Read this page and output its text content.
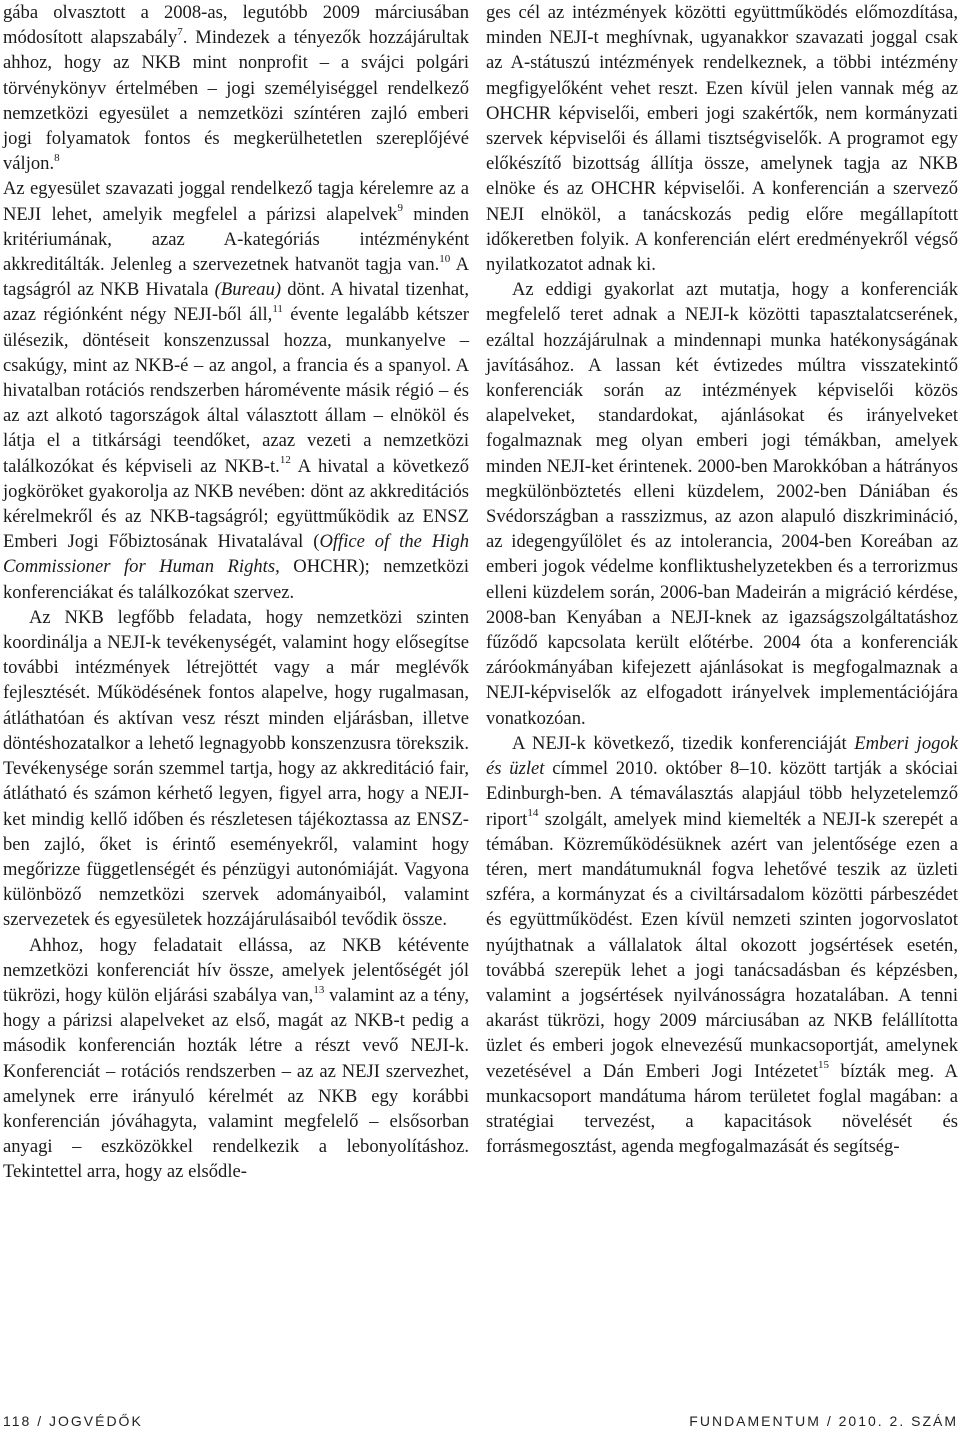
gába olvasztott a 2008-as, legutóbb 2009 márciusában módosított alapszabály$^7$. Mindezek a tényezők hozzájárultak ahhoz, hogy az NKB mint nonprofit – a svájci polgári törvénykönyv értelmében – jogi személyiséggel rendelkező nemzetközi egyesület a nemzetközi színtéren zajló emberi jogi folyamatok fontos és megkerülhetetlen szereplőjévé váljon.$^8$

Az egyesület szavazati joggal rendelkező tagja kérelemre az a NEJI lehet, amelyik megfelel a párizsi alapelvek$^9$ minden kritériumának, azaz A-kategóriás intézményként akkreditálták. Jelenleg a szervezetnek hatvanöt tagja van.$^{10}$ A tagságról az NKB Hivatala (Bureau) dönt. A hivatal tizenhat, azaz régiónként négy NEJI-ből áll,$^{11}$ évente legalább kétszer ülésezik, döntéseit konszenzussal hozza, munkanyelve – csakúgy, mint az NKB-é – az angol, a francia és a spanyol. A hivatalban rotációs rendszerben háromévente másik régió – és az azt alkotó tagországok által választott állam – elnököl és látja el a titkársági teendőket, azaz vezeti a nemzetközi találkozókat és képviseli az NKB-t.$^{12}$ A hivatal a következő jogköröket gyakorolja az NKB nevében: dönt az akkreditációs kérelmekről és az NKB-tagságról; együttműködik az ENSZ Emberi Jogi Főbiztosának Hivatalával (Office of the High Commissioner for Human Rights, OHCHR); nemzetközi konferenciákat és találkozókat szervez.

Az NKB legfőbb feladata, hogy nemzetközi szinten koordinálja a NEJI-k tevékenységét, valamint hogy elősegítse további intézmények létrejöttét vagy a már meglévők fejlesztését. Működésének fontos alapelve, hogy rugalmasan, átláthatóan és aktívan vesz részt minden eljárásban, illetve döntéshozatalkor a lehető legnagyobb konszenzusra törekszik. Tevékenysége során szemmel tartja, hogy az akkreditáció fair, átlátható és számon kérhető legyen, figyel arra, hogy a NEJI-ket mindig kellő időben és részletesen tájékoztassa az ENSZ-ben zajló, őket is érintő eseményekről, valamint hogy megőrizze függetlenségét és pénzügyi autonómiáját. Vagyona különböző nemzetközi szervek adományaiból, valamint szervezetek és egyesületek hozzájárulásaiból tevődik össze.

Ahhoz, hogy feladatait ellássa, az NKB kétévente nemzetközi konferenciát hív össze, amelyek jelentőségét jól tükrözi, hogy külön eljárási szabálya van,$^{13}$ valamint az a tény, hogy a párizsi alapelveket az első, magát az NKB-t pedig a második konferencián hozták létre a részt vevő NEJI-k. Konferenciát – rotációs rendszerben – az az NEJI szervezhet, amelynek erre irányuló kérelmét az NKB egy korábbi konferencián jóváhagyta, valamint megfelelő – elsősorban anyagi – eszközökkel rendelkezik a lebonyolításhoz. Tekintettel arra, hogy az elsődle-

ges cél az intézmények közötti együttműködés előmozdítása, minden NEJI-t meghívnak, ugyanakkor szavazati joggal csak az A-státuszú intézmények rendelkeznek, a többi intézmény megfigyelőként vehet reszt. Ezen kívül jelen vannak még az OHCHR képviselői, emberi jogi szakértők, nem kormányzati szervek képviselői és állami tisztségviselők. A programot egy előkészítő bizottság állítja össze, amelynek tagja az NKB elnöke és az OHCHR képviselői. A konferencián a szervező NEJI elnököl, a tanácskozás pedig előre megállapított időkeretben folyik. A konferencián elért eredményekről végső nyilatkozatot adnak ki.

Az eddigi gyakorlat azt mutatja, hogy a konferenciák megfelelő teret adnak a NEJI-k közötti tapasztalatcserének, ezáltal hozzájárulnak a mindennapi munka hatékonyságának javításához. A lassan két évtizedes múltra visszatekintő konferenciák során az intézmények képviselői közös alapelveket, standardokat, ajánlásokat és irányelveket fogalmaznak meg olyan emberi jogi témákban, amelyek minden NEJI-ket érintenek. 2000-ben Marokkóban a hátrányos megkülönböztetés elleni küzdelem, 2002-ben Dániában és Svédországban a rasszizmus, az azon alapuló diszkrimináció, az idegengyűlölet és az intolerancia, 2004-ben Koreában az emberi jogok védelme konfliktushelyzetekben és a terrorizmus elleni küzdelem során, 2006-ban Madeirán a migráció kérdése, 2008-ban Kenyában a NEJI-knek az igazságszolgáltatáshoz fűződő kapcsolata került előtérbe. 2004 óta a konferenciák záróokmányában kifejezett ajánlásokat is megfogalmaznak a NEJI-képviselők az elfogadott irányelvek implementációjára vonatkozóan.

A NEJI-k következő, tizedik konferenciáját Emberi jogok és üzlet címmel 2010. október 8–10. között tartják a skóciai Edinburgh-ben. A témaválasztás alapjául több helyzetelemző riport$^{14}$ szolgált, amelyek mind kiemelték a NEJI-k szerepét a témában. Közreműködésüknek azért van jelentősége ezen a téren, mert mandátumuknál fogva lehetővé teszik az üzleti szféra, a kormányzat és a civiltársadalom közötti párbeszédet és együttműködést. Ezen kívül nemzeti szinten jogorvoslatot nyújthatnak a vállalatok által okozott jogsértések esetén, továbbá szerepük lehet a jogi tanácsadásban és képzésben, valamint a jogsértések nyilvánosságra hozatalában. A tenni akarást tükrözi, hogy 2009 márciusában az NKB felállította üzlet és emberi jogok elnevezésű munkacsoportját, amelynek vezetésével a Dán Emberi Jogi Intézetet$^{15}$ bízták meg. A munkacsoport mandátuma három területet foglal magában: a stratégiai tervezést, a kapacitások növelését és forrásmegosztást, agenda megfogalmazását és segítség-

118 / JOGVÉDŐK	FUNDAMENTUM / 2010. 2. SZÁM
